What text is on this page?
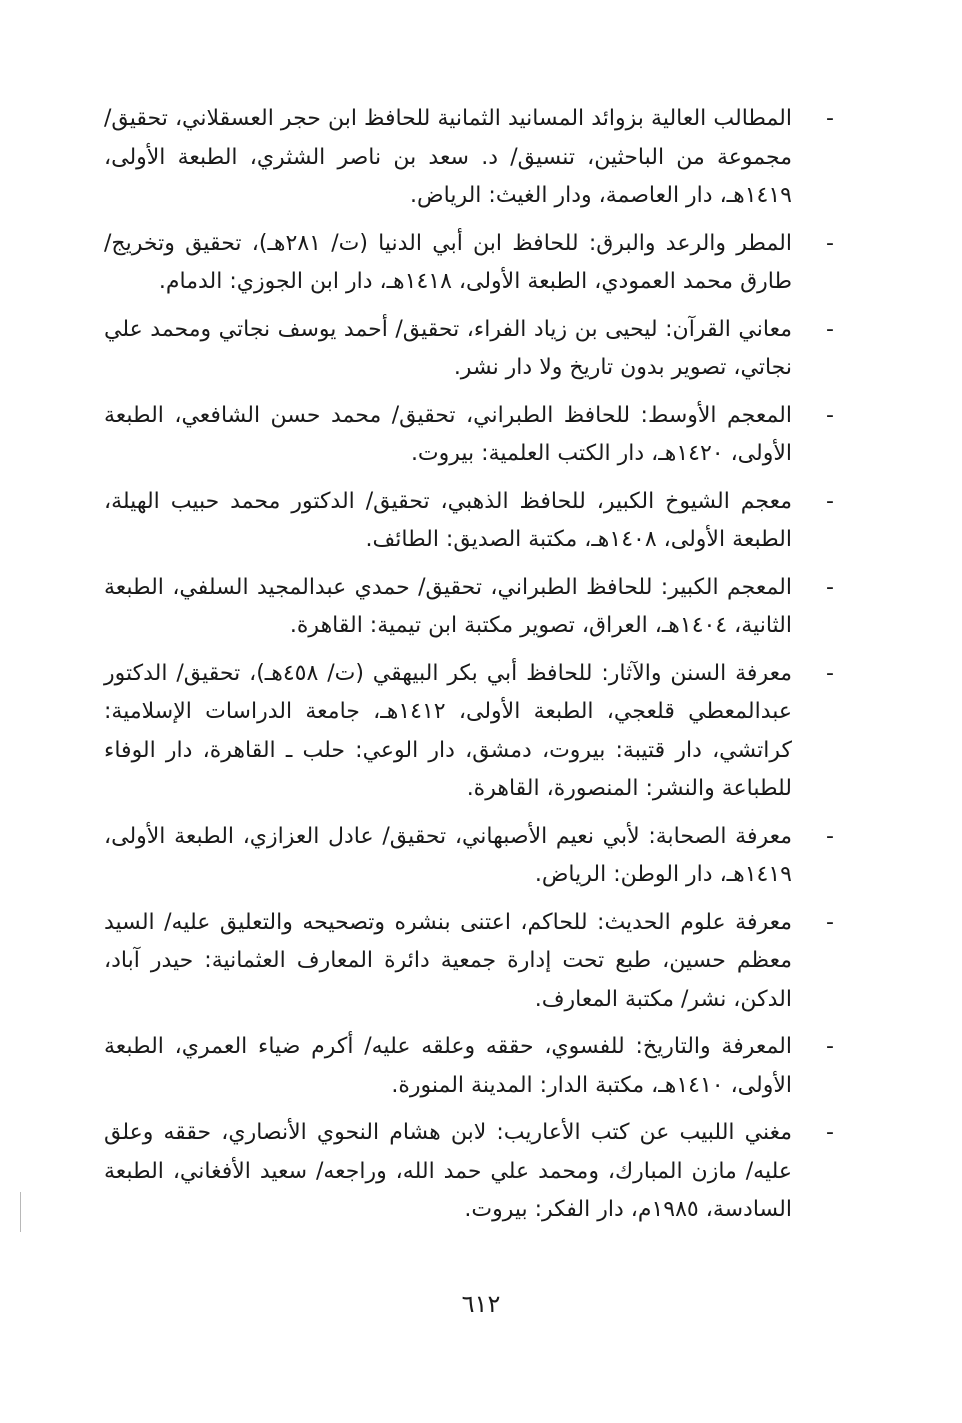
-
المطالب العالية بزوائد المسانيد الثمانية للحافظ ابن حجر العسقلاني، تحقيق/ مجموعة من الباحثين، تنسيق/ د. سعد بن ناصر الشثري، الطبعة الأولى، ١٤١٩هـ، دار العاصمة، ودار الغيث: الرياض.
-
المطر والرعد والبرق: للحافظ ابن أبي الدنيا (ت/ ٢٨١هـ)، تحقيق وتخريج/ طارق محمد العمودي، الطبعة الأولى، ١٤١٨هـ، دار ابن الجوزي: الدمام.
-
معاني القرآن: ليحيى بن زياد الفراء، تحقيق/ أحمد يوسف نجاتي ومحمد علي نجاتي، تصوير بدون تاريخ ولا دار نشر.
-
المعجم الأوسط: للحافظ الطبراني، تحقيق/ محمد حسن الشافعي، الطبعة الأولى، ١٤٢٠هـ، دار الكتب العلمية: بيروت.
-
معجم الشيوخ الكبير، للحافظ الذهبي، تحقيق/ الدكتور محمد حبيب الهيلة، الطبعة الأولى، ١٤٠٨هـ، مكتبة الصديق: الطائف.
-
المعجم الكبير: للحافظ الطبراني، تحقيق/ حمدي عبدالمجيد السلفي، الطبعة الثانية، ١٤٠٤هـ، العراق، تصوير مكتبة ابن تيمية: القاهرة.
-
معرفة السنن والآثار: للحافظ أبي بكر البيهقي (ت/ ٤٥٨هـ)، تحقيق/ الدكتور عبدالمعطي قلعجي، الطبعة الأولى، ١٤١٢هـ، جامعة الدراسات الإسلامية: كراتشي، دار قتيبة: بيروت، دمشق، دار الوعي: حلب ـ القاهرة، دار الوفاء للطباعة والنشر: المنصورة، القاهرة.
-
معرفة الصحابة: لأبي نعيم الأصبهاني، تحقيق/ عادل العزازي، الطبعة الأولى، ١٤١٩هـ، دار الوطن: الرياض.
-
معرفة علوم الحديث: للحاكم، اعتنى بنشره وتصحيحه والتعليق عليه/ السيد معظم حسين، طبع تحت إدارة جمعية دائرة المعارف العثمانية: حيدر آباد، الدكن، نشر/ مكتبة المعارف.
-
المعرفة والتاريخ: للفسوي، حققه وعلقه عليه/ أكرم ضياء العمري، الطبعة الأولى، ١٤١٠هـ، مكتبة الدار: المدينة المنورة.
-
مغني اللبيب عن كتب الأعاريب: لابن هشام النحوي الأنصاري، حققه وعلق عليه/ مازن المبارك، ومحمد علي حمد الله، وراجعه/ سعيد الأفغاني، الطبعة السادسة، ١٩٨٥م، دار الفكر: بيروت.
٦١٢
